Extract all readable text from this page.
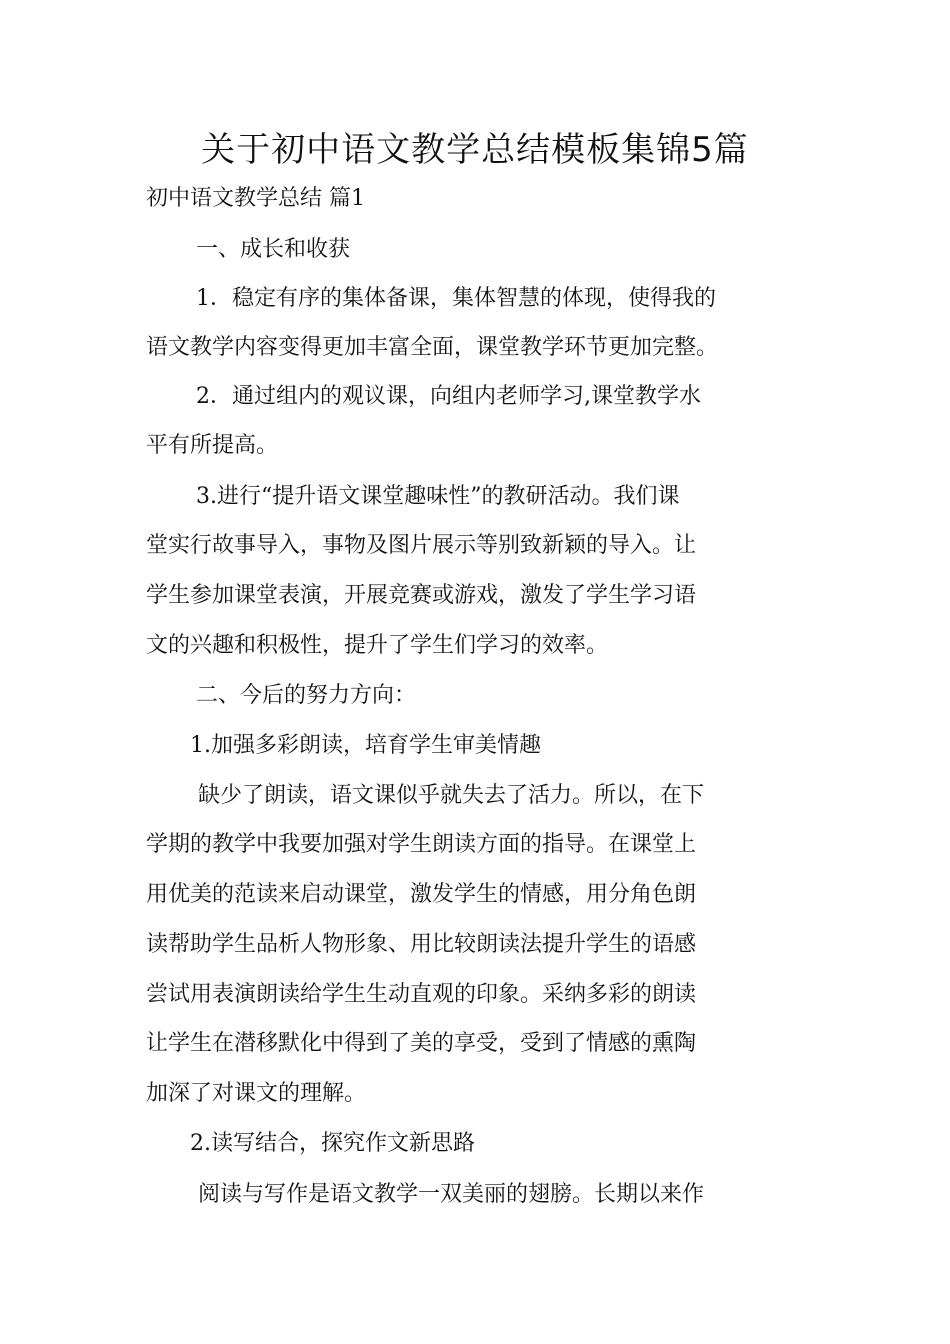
关于初中语文教学总结模板集锦5篇
初中语文教学总结 篇1
一、成长和收获
1．稳定有序的集体备课，集体智慧的体现，使得我的
语文教学内容变得更加丰富全面，课堂教学环节更加完整。
2．通过组内的观议课，向组内老师学习,课堂教学水
平有所提高。
3.进行“提升语文课堂趣味性”的教研活动。我们课
堂实行故事导入，事物及图片展示等别致新颖的导入。让
学生参加课堂表演，开展竞赛或游戏，激发了学生学习语
文的兴趣和积极性，提升了学生们学习的效率。
二、今后的努力方向：
1.加强多彩朗读，培育学生审美情趣
缺少了朗读，语文课似乎就失去了活力。所以，在下
学期的教学中我要加强对学生朗读方面的指导。在课堂上
用优美的范读来启动课堂，激发学生的情感，用分角色朗
读帮助学生品析人物形象、用比较朗读法提升学生的语感
尝试用表演朗读给学生生动直观的印象。采纳多彩的朗读
让学生在潜移默化中得到了美的享受，受到了情感的熏陶
加深了对课文的理解。
2.读写结合，探究作文新思路
阅读与写作是语文教学一双美丽的翅膀。长期以来作
